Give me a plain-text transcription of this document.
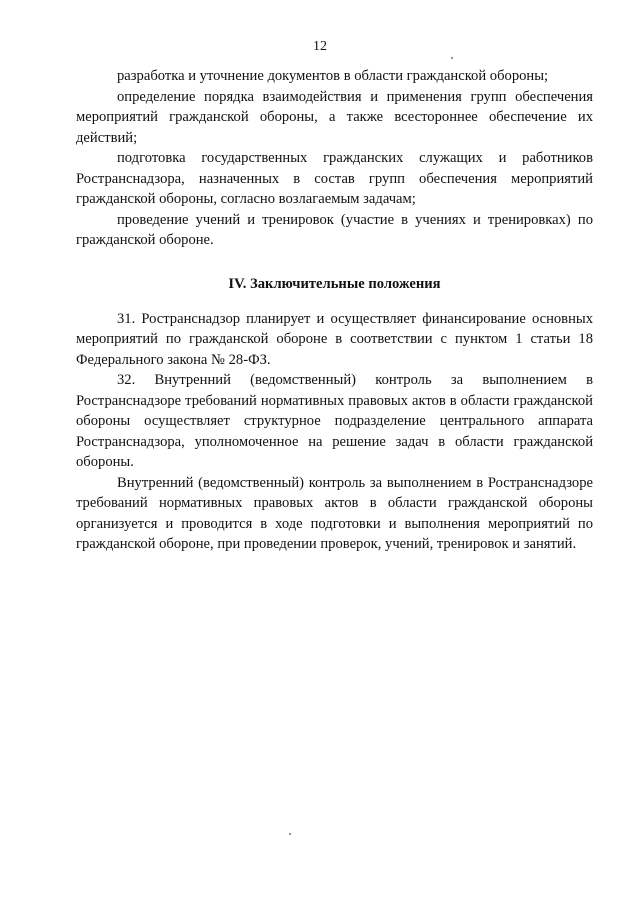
12

разработка и уточнение документов в области гражданской обороны;

определение порядка взаимодействия и применения групп обеспечения мероприятий гражданской обороны, а также всестороннее обеспечение их действий;

подготовка государственных гражданских служащих и работников Ространснадзора, назначенных в состав групп обеспечения мероприятий гражданской обороны, согласно возлагаемым задачам;

проведение учений и тренировок (участие в учениях и тренировках) по гражданской обороне.

IV. Заключительные положения

31. Ространснадзор планирует и осуществляет финансирование основных мероприятий по гражданской обороне в соответствии с пунктом 1 статьи 18 Федерального закона № 28-ФЗ.

32. Внутренний (ведомственный) контроль за выполнением в Ространснадзоре требований нормативных правовых актов в области гражданской обороны осуществляет структурное подразделение центрального аппарата Ространснадзора, уполномоченное на решение задач в области гражданской обороны.

Внутренний (ведомственный) контроль за выполнением в Ространснадзоре требований нормативных правовых актов в области гражданской обороны организуется и проводится в ходе подготовки и выполнения мероприятий по гражданской обороне, при проведении проверок, учений, тренировок и занятий.
